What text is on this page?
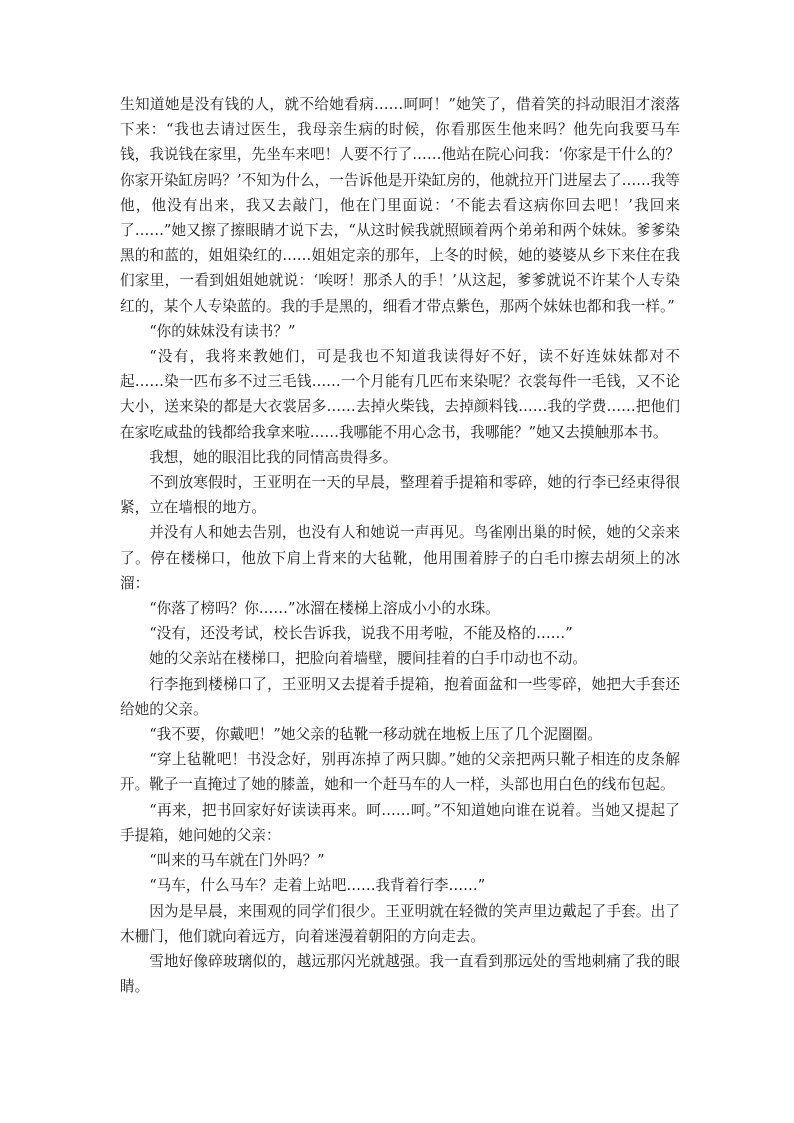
生知道她是没有钱的人，就不给她看病……呵呵！”她笑了，借着笑的抖动眼泪才滚落下来：“我也去请过医生，我母亲生病的时候，你看那医生他来吗？他先向我要马车钱，我说钱在家里，先坐车来吧！人要不行了……他站在院心问我：‘你家是干什么的？你家开染缸房吗？’不知为什么，一告诉他是开染缸房的，他就拉开门进屋去了……我等他，他没有出来，我又去敲门，他在门里面说：‘不能去看这病你回去吧！’我回来了……”她又擦了擦眼睛才说下去，“从这时候我就照顾着两个弟弟和两个妹妹。爹爹染黑的和蓝的，姐姐染红的……姐姐定亲的那年，上冬的时候，她的婆婆从乡下来住在我们家里，一看到姐姐她就说：‘唉呀！那杀人的手！’从这起，爹爹就说不许某个人专染红的，某个人专染蓝的。我的手是黑的，细看才带点紫色，那两个妹妹也都和我一样。”

“你的妹妹没有读书？”

“没有，我将来教她们，可是我也不知道我读得好不好，读不好连妹妹都对不起……染一匹布多不过三毛钱……一个月能有几匹布来染呢？衣裳每件一毛钱，又不论大小，送来染的都是大衣裳居多……去掉火柴钱，去掉颜料钱……我的学费……把他们在家吃咸盐的钱都给我拿来啦……我哪能不用心念书，我哪能？”她又去摸触那本书。

我想，她的眼泪比我的同情高贵得多。

不到放寒假时，王亚明在一天的早晨，整理着手提箱和零碎，她的行李已经束得很紧，立在墙根的地方。

并没有人和她去告别，也没有人和她说一声再见。鸟雀刚出巢的时候，她的父亲来了。停在楼梯口，他放下肩上背来的大毡靴，他用围着脖子的白毛巾擦去胡须上的冰溜：

“你落了榜吗？你……”冰溜在楼梯上溶成小小的水珠。

“没有，还没考试，校长告诉我，说我不用考啦，不能及格的……”

她的父亲站在楼梯口，把脸向着墙壁，腰间挂着的白手巾动也不动。

行李拖到楼梯口了，王亚明又去提着手提箱，抱着面盆和一些零碎，她把大手套还给她的父亲。

“我不要，你戴吧！”她父亲的毡靴一移动就在地板上压了几个泥圈圈。

“穿上毡靴吧！书没念好，别再冻掉了两只脚。”她的父亲把两只靴子相连的皮条解开。靴子一直掩过了她的膝盖，她和一个赶马车的人一样，头部也用白色的线布包起。

“再来，把书回家好好读读再来。呵……呵。”不知道她向谁在说着。当她又提起了手提箱，她问她的父亲：

“叫来的马车就在门外吗？”

“马车，什么马车？走着上站吧……我背着行李……”

因为是早晨，来围观的同学们很少。王亚明就在轻微的笑声里边戴起了手套。出了木栅门，他们就向着远方，向着迷漫着朝阳的方向走去。

雪地好像碎玻璃似的，越远那闪光就越强。我一直看到那远处的雪地刺痛了我的眼睛。
